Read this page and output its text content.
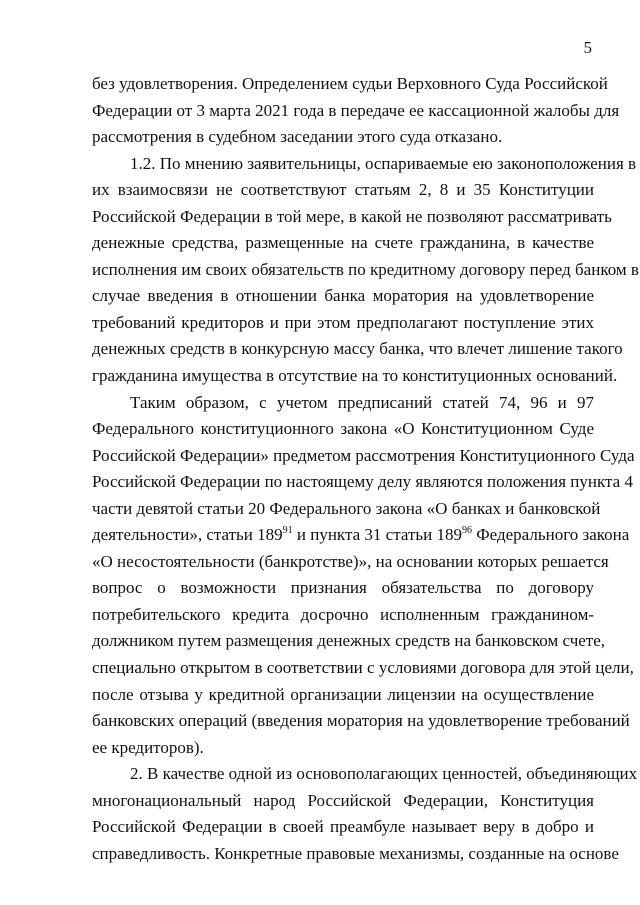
5
без удовлетворения. Определением судьи Верховного Суда Российской
Федерации от 3 марта 2021 года в передаче ее кассационной жалобы для
рассмотрения в судебном заседании этого суда отказано.
1.2. По мнению заявительницы, оспариваемые ею законоположения в
их взаимосвязи не соответствуют статьям 2, 8 и 35 Конституции
Российской Федерации в той мере, в какой не позволяют рассматривать
денежные средства, размещенные на счете гражданина, в качестве
исполнения им своих обязательств по кредитному договору перед банком в
случае введения в отношении банка моратория на удовлетворение
требований кредиторов и при этом предполагают поступление этих
денежных средств в конкурсную массу банка, что влечет лишение такого
гражданина имущества в отсутствие на то конституционных оснований.
Таким образом, с учетом предписаний статей 74, 96 и 97
Федерального конституционного закона «О Конституционном Суде
Российской Федерации» предметом рассмотрения Конституционного Суда
Российской Федерации по настоящему делу являются положения пункта 4
части девятой статьи 20 Федерального закона «О банках и банковской
деятельности», статьи $189^{91}$ и пункта 31 статьи $189^{96}$ Федерального закона
«О несостоятельности (банкротстве)», на основании которых решается
вопрос о возможности признания обязательства по договору
потребительского кредита досрочно исполненным гражданином-
должником путем размещения денежных средств на банковском счете,
специально открытом в соответствии с условиями договора для этой цели,
после отзыва у кредитной организации лицензии на осуществление
банковских операций (введения моратория на удовлетворение требований
ее кредиторов).
2. В качестве одной из основополагающих ценностей, объединяющих
многонациональный народ Российской Федерации, Конституция
Российской Федерации в своей преамбуле называет веру в добро и
справедливость. Конкретные правовые механизмы, созданные на основе
